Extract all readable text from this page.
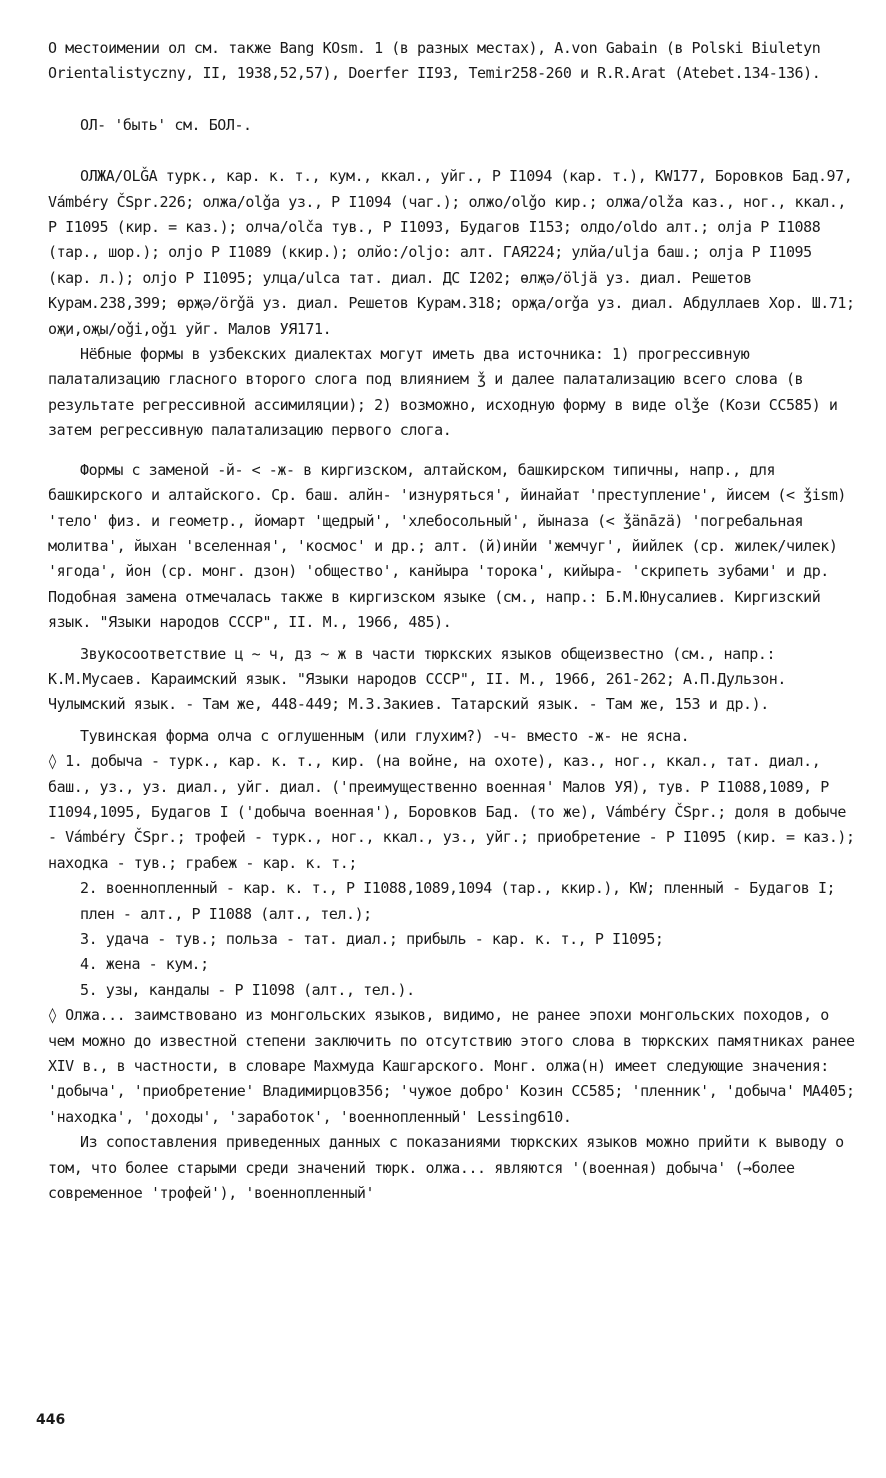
О местоимении ол см. также Bang KOsm. 1 (в разных местах), A.von Gabain (в Polski Biuletyn Orientalistyczny, II, 1938,52,57), Doerfer II93, Temir258-260 и R.R.Arat (Atebet.134-136).

ОЛ- 'быть' см. БОЛ-.

ОЛЖА/OLǦA турк., кар. к. т., кум., ккал., уйг., Р I1094 (кар. т.), KW177, Боровков Бад.97, Vámbéry ČSpr.226; олжа/olǧa уз., Р I1094 (чаг.); олжо/olǧo кир.; олжа/olža каз., ног., ккал., Р I1095 (кир. = каз.); олча/olča тув., Р I1093, Будагов I153; олдо/oldo алт.; олја Р I1088 (тар., шор.); олјо Р I1089 (ккир.); олйо:/oljo: алт. ГАЯ224; улйа/ulja баш.; олја Р I1095 (кар. л.); олјо Р I1095; улца/ulca тат. диал. ДС I202; өлҗә/öljä уз. диал. Решетов Курам.238,399; өрҗә/örǧä уз. диал. Решетов Курам.318; орҗа/orǧa уз. диал. Абдуллаев Хор. Ш.71; оҗи,оҗы/oǧi,oǧı уйг. Малов УЯ171.

Нёбные формы в узбекских диалектах могут иметь два источника: 1) прогрессивную палатализацию гласного второго слога под влиянием ǯ и далее палатализацию всего слова (в результате регрессивной ассимиляции); 2) возможно, исходную форму в виде olǯe (Кози CC585) и затем регрессивную палатализацию первого слога.

Формы с заменой -й- < -ж- в киргизском, алтайском, башкирском типичны, напр., для башкирского и алтайского. Ср. баш. алйн- 'изнуряться', йинайат 'преступление', йисем (< ǯism) 'тело' физ. и геометр., йомарт 'щедрый', 'хлебосольный', йыназа (< ǯänāzä) 'погребальная молитва', йыхан 'вселенная', 'космос' и др.; алт. (й)инйи 'жемчуг', йийлек (ср. жилек/чилек) 'ягода', йон (ср. монг. дзон) 'общество', канйыра 'торока', кийыра- 'скрипеть зубами' и др. Подобная замена отмечалась также в киргизском языке (см., напр.: Б.М.Юнусалиев. Киргизский язык. "Языки народов СССР", II. М., 1966, 485).

Звукосоответствие ц ~ ч, дз ~ ж в части тюркских языков общеизвестно (см., напр.: К.М.Мусаев. Караимский язык. "Языки народов СССР", II. М., 1966, 261-262; А.П.Дульзон. Чулымский язык. - Там же, 448-449; М.З.Закиев. Татарский язык. - Там же, 153 и др.).

Тувинская форма олча с оглушенным (или глухим?) -ч- вместо -ж- не ясна.

◊ 1. добыча - турк., кар. к. т., кир. (на войне, на охоте), каз., ног., ккал., тат. диал., баш., уз., уз. диал., уйг. диал. ('преимущественно военная' Малов УЯ), тув. Р I1088,1089, Р I1094,1095, Будагов I ('добыча военная'), Боровков Бад. (то же), Vámbéry ČSpr.; доля в добыче - Vámbéry ČSpr.; трофей - турк., ног., ккал., уз., уйг.; приобретение - Р I1095 (кир. = каз.); находка - тув.; грабеж - кар. к. т.;

2. военнопленный - кар. к. т., Р I1088,1089,1094 (тар., ккир.), KW; пленный - Будагов I; плен - алт., Р I1088 (алт., тел.);

3. удача - тув.; польза - тат. диал.; прибыль - кар. к. т., Р I1095;

4. жена - кум.;

5. узы, кандалы - Р I1098 (алт., тел.).

◊ Олжа... заимствовано из монгольских языков, видимо, не ранее эпохи монгольских походов, о чем можно до известной степени заключить по отсутствию этого слова в тюркских памятниках ранее XIV в., в частности, в словаре Махмуда Кашгарского. Монг. олжа(н) имеет следующие значения: 'добыча', 'приобретение' Владимирцов356; 'чужое добро' Козин CC585; 'пленник', 'добыча' MA405; 'находка', 'доходы', 'заработок', 'военнопленный' Lessing610.

Из сопоставления приведенных данных с показаниями тюркских языков можно прийти к выводу о том, что более старыми среди значений тюрк. олжа... являются '(военная) добыча' (→более современное 'трофей'), 'военнопленный'

446
